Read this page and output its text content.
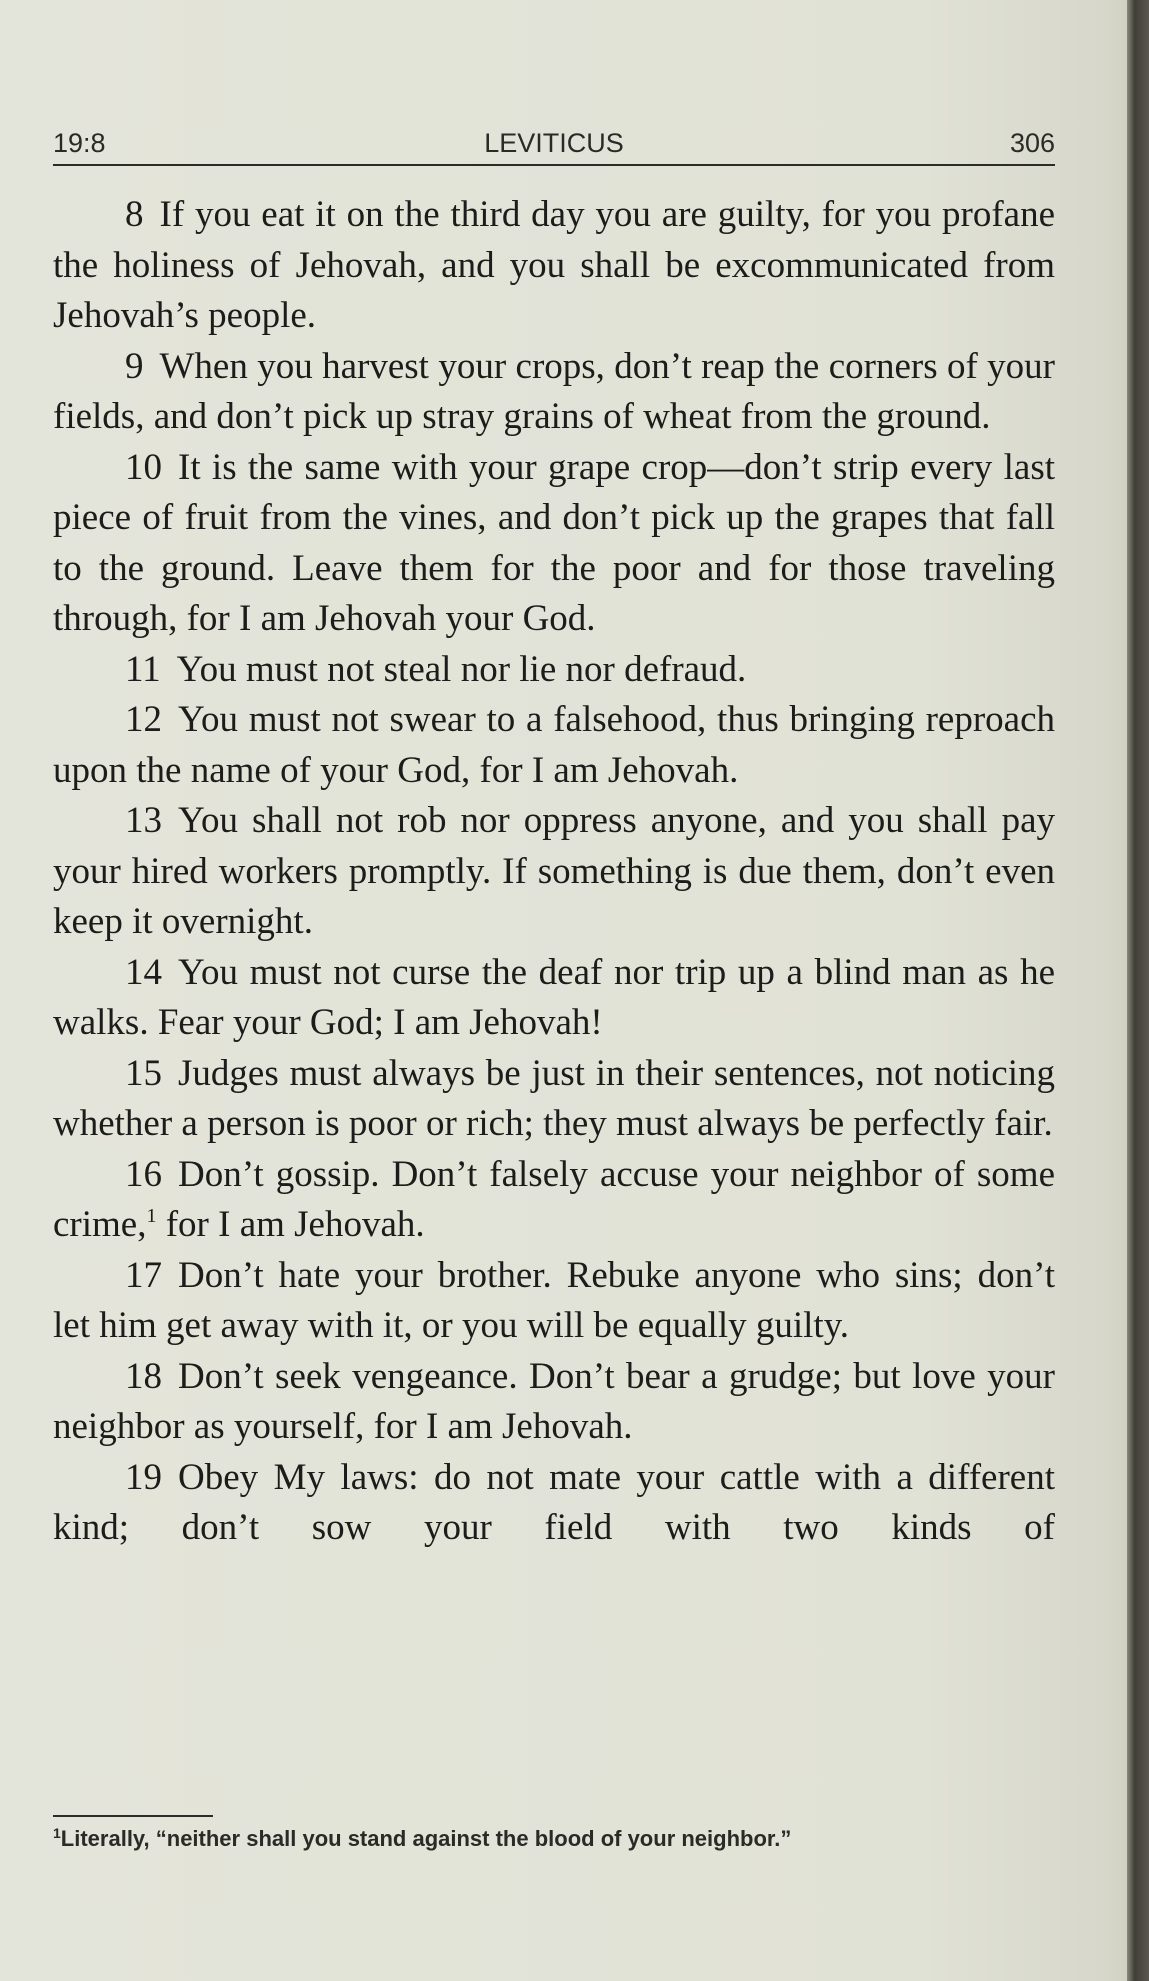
19:8	LEVITICUS	306

8 If you eat it on the third day you are guilty, for you profane the holiness of Jehovah, and you shall be excommunicated from Jehovah’s people.

9 When you harvest your crops, don’t reap the corners of your fields, and don’t pick up stray grains of wheat from the ground.

10 It is the same with your grape crop—don’t strip every last piece of fruit from the vines, and don’t pick up the grapes that fall to the ground. Leave them for the poor and for those traveling through, for I am Jehovah your God.

11 You must not steal nor lie nor defraud.

12 You must not swear to a falsehood, thus bringing reproach upon the name of your God, for I am Jehovah.

13 You shall not rob nor oppress anyone, and you shall pay your hired workers promptly. If something is due them, don’t even keep it overnight.

14 You must not curse the deaf nor trip up a blind man as he walks. Fear your God; I am Jehovah!

15 Judges must always be just in their sentences, not noticing whether a person is poor or rich; they must always be perfectly fair.

16 Don’t gossip. Don’t falsely accuse your neighbor of some crime,$^1$ for I am Jehovah.

17 Don’t hate your brother. Rebuke anyone who sins; don’t let him get away with it, or you will be equally guilty.

18 Don’t seek vengeance. Don’t bear a grudge; but love your neighbor as yourself, for I am Jehovah.

19 Obey My laws: do not mate your cattle with a different kind; don’t sow your field with two kinds of

$^1$Literally, “neither shall you stand against the blood of your neighbor.”
